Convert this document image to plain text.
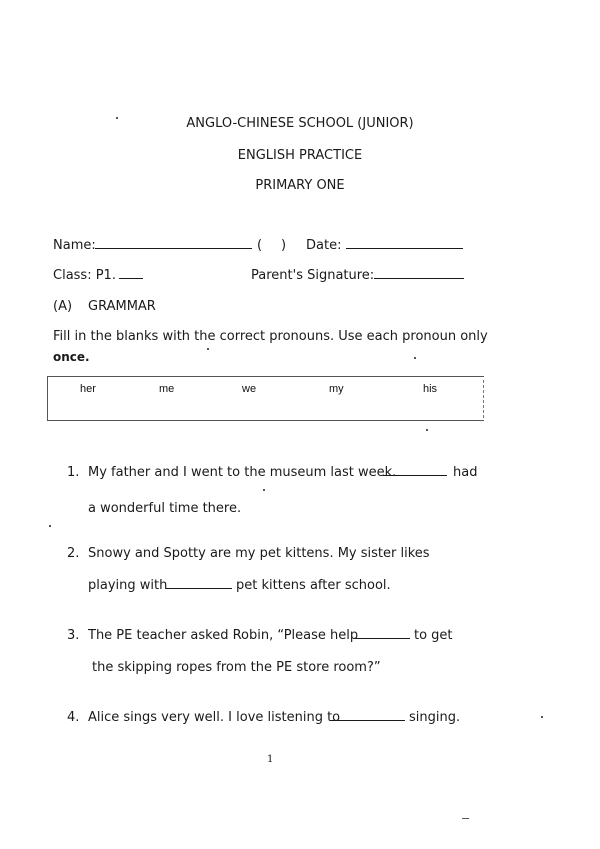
ANGLO-CHINESE SCHOOL (JUNIOR)
ENGLISH PRACTICE
PRIMARY ONE
Name:	( ) Date:
Class: P1.	Parent's Signature:
(A) GRAMMAR
Fill in the blanks with the correct pronouns. Use each pronoun only
once.
her	me	we	my	his
1. My father and I went to the museum last week.	had
a wonderful time there.
2. Snowy and Spotty are my pet kittens. My sister likes
playing with	pet kittens after school.
3. The PE teacher asked Robin, “Please help	to get
the skipping ropes from the PE store room?”
4. Alice sings very well. I love listening to	singing.
1
